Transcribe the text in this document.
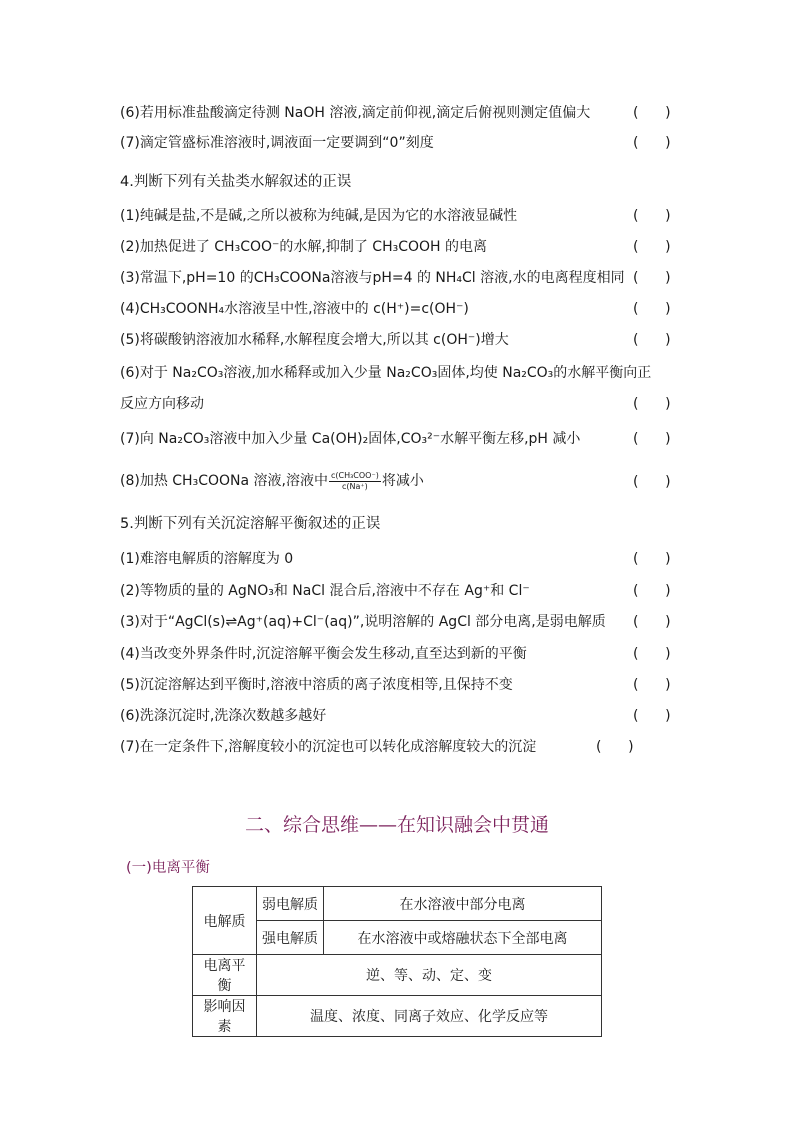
(6)若用标准盐酸滴定待测 NaOH 溶液,滴定前仰视,滴定后俯视则测定值偏大	(      )
(7)滴定管盛标准溶液时,调液面一定要调到“0”刻度	(      )
4.判断下列有关盐类水解叙述的正误
(1)纯碱是盐,不是碱,之所以被称为纯碱,是因为它的水溶液显碱性	(      )
(2)加热促进了 CH₃COO⁻的水解,抑制了 CH₃COOH 的电离	(      )
(3)常温下,pH=10 的CH₃COONa溶液与pH=4 的 NH₄Cl 溶液,水的电离程度相同 (      )
(4)CH₃COONH₄水溶液呈中性,溶液中的 c(H⁺)=c(OH⁻)	(      )
(5)将碳酸钠溶液加水稀释,水解程度会增大,所以其 c(OH⁻)增大	(      )
(6)对于 Na₂CO₃溶液,加水稀释或加入少量 Na₂CO₃固体,均使 Na₂CO₃的水解平衡向正
反应方向移动	(      )
(7)向 Na₂CO₃溶液中加入少量 Ca(OH)₂固体,CO₃²⁻水解平衡左移,pH 减小	(      )
(8)加热 CH₃COONa 溶液,溶液中 $\frac{\text{c(CH₃COO⁻)}}{c(Na^+)}$ 将减小	(      )
5.判断下列有关沉淀溶解平衡叙述的正误
(1)难溶电解质的溶解度为 0	(      )
(2)等物质的量的 AgNO₃和 NaCl 混合后,溶液中不存在 Ag⁺和 Cl⁻	(      )
(3)对于“AgCl(s)⇌Ag⁺(aq)+Cl⁻(aq)”,说明溶解的 AgCl 部分电离,是弱电解质 (      )
(4)当改变外界条件时,沉淀溶解平衡会发生移动,直至达到新的平衡	(      )
(5)沉淀溶解达到平衡时,溶液中溶质的离子浓度相等,且保持不变	(      )
(6)洗涤沉淀时,洗涤次数越多越好	(      )
(7)在一定条件下,溶解度较小的沉淀也可以转化成溶解度较大的沉淀	(      )
二、综合思维——在知识融会中贯通
(一)电离平衡
电解质	弱电解质	在水溶液中部分电离
	强电解质	在水溶液中或熔融状态下全部电离
电离平衡	逆、等、动、定、变	
影响因素	温度、浓度、同离子效应、化学反应等	
